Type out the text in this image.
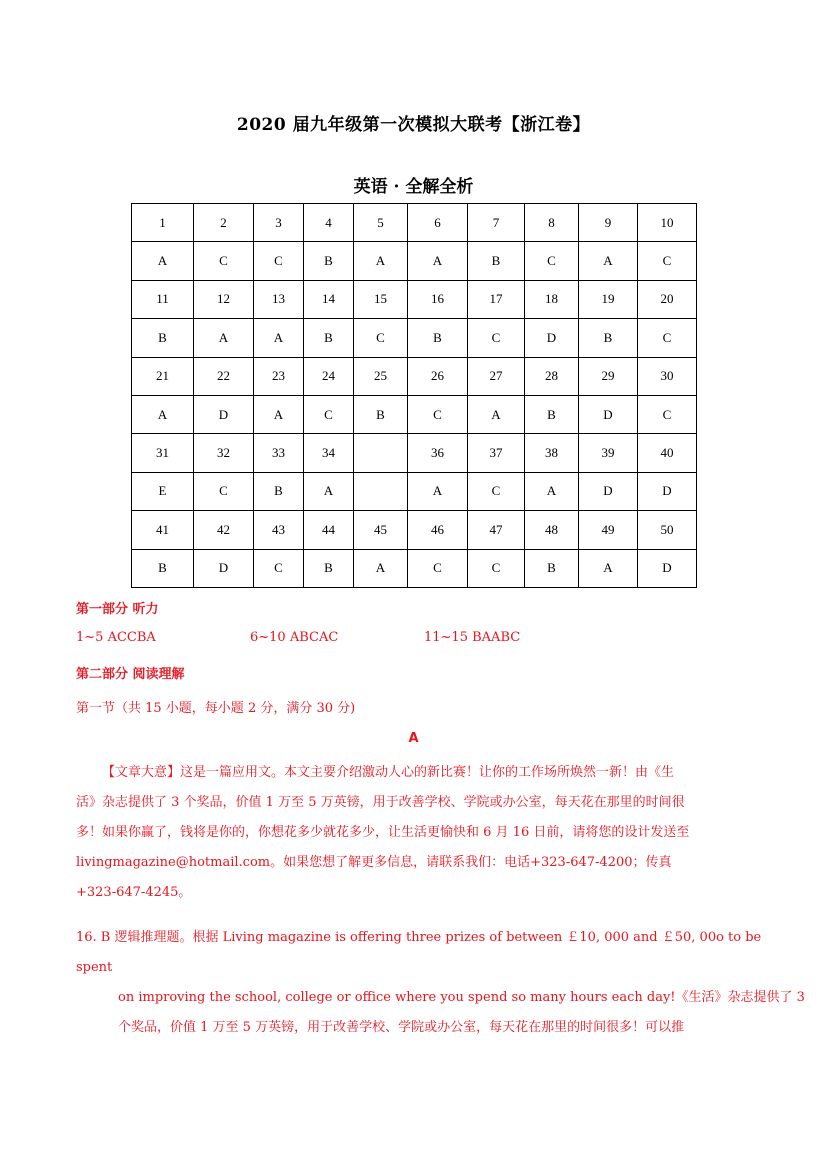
2020 届九年级第一次模拟大联考【浙江卷】
英语 · 全解全析
1	2	3	4	5	6	7	8	9	10
A	C	C	B	A	A	B	C	A	C
11	12	13	14	15	16	17	18	19	20
B	A	A	B	C	B	C	D	B	C
21	22	23	24	25	26	27	28	29	30
A	D	A	C	B	C	A	B	D	C
31	32	33	34		36	37	38	39	40
E	C	B	A		A	C	A	D	D
41	42	43	44	45	46	47	48	49	50
B	D	C	B	A	C	C	B	A	D
第一部分 听力
1~5 ACCBA	6~10 ABCAC	11~15 BAABC
第二部分 阅读理解
第一节（共 15 小题，每小题 2 分，满分 30 分)
A
【文章大意】这是一篇应用文。本文主要介绍激动人心的新比赛！让你的工作场所焕然一新！由《生
活》杂志提供了 3 个奖品，价值 1 万至 5 万英镑，用于改善学校、学院或办公室，每天花在那里的时间很
多！如果你赢了，钱将是你的，你想花多少就花多少，让生活更愉快和 6 月 16 日前，请将您的设计发送至
livingmagazine@hotmail.com。如果您想了解更多信息，请联系我们：电话+323-647-4200；传真
+323-647-4245。
16. B 逻辑推理题。根据 Living magazine is offering three prizes of between ￡10, 000 and ￡50, 00o to be
spent
on improving the school, college or office where you spend so many hours each day!《生活》杂志提供了 3
个奖品，价值 1 万至 5 万英镑，用于改善学校、学院或办公室，每天花在那里的时间很多！可以推
